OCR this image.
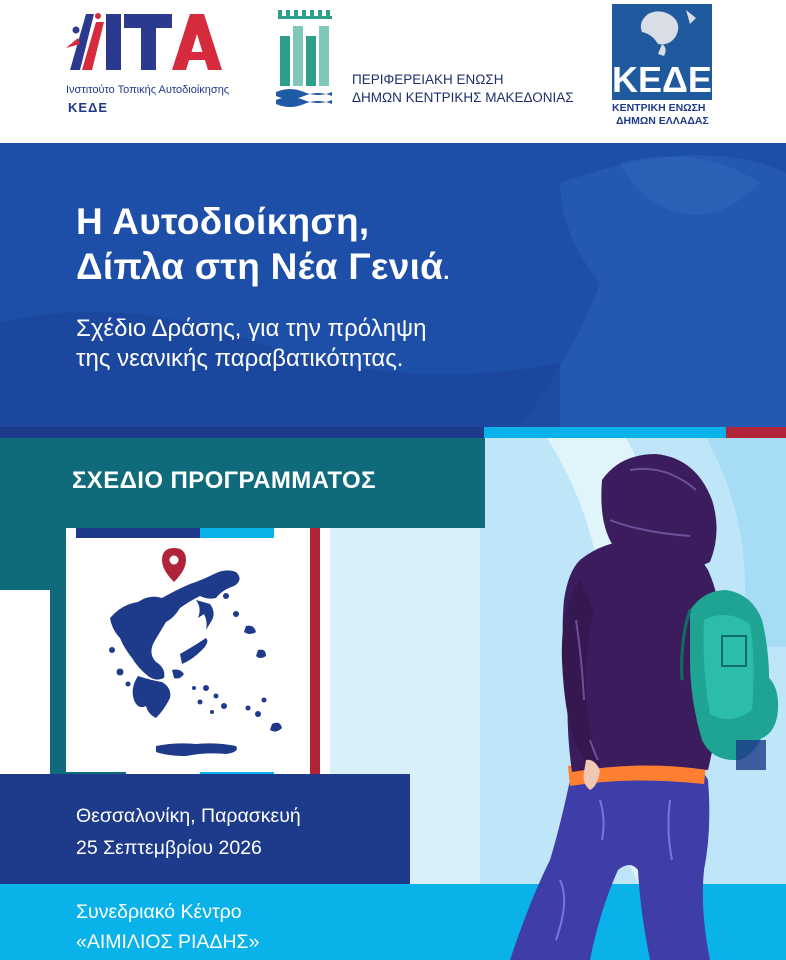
Ινστιτούτο Τοπικής Αυτοδιοίκησης
ΚΕΔΕ
ΠΕΡΙΦΕΡΕΙΑΚΗ ΕΝΩΣΗ
ΔΗΜΩΝ ΚΕΝΤΡΙΚΗΣ ΜΑΚΕΔΟΝΙΑΣ ΚΕΔΕ
ΚΕΝΤΡΙΚΗ ΕΝΩΣΗ
ΔΗΜΩΝ ΕΛΛΑΔΑΣ
Η Αυτοδιοίκηση,
Δίπλα στη Νέα Γενιά.
Σχέδιο Δράσης, για την πρόληψη
της νεανικής παραβατικότητας.
ΣΧΕΔΙΟ ΠΡΟΓΡΑΜΜΑΤΟΣ
Θεσσαλονίκη, Παρασκευή
25 Σεπτεμβρίου 2026
Συνεδριακό Κέντρο
«ΑΙΜΙΛΙΟΣ ΡΙΑΔΗΣ»
